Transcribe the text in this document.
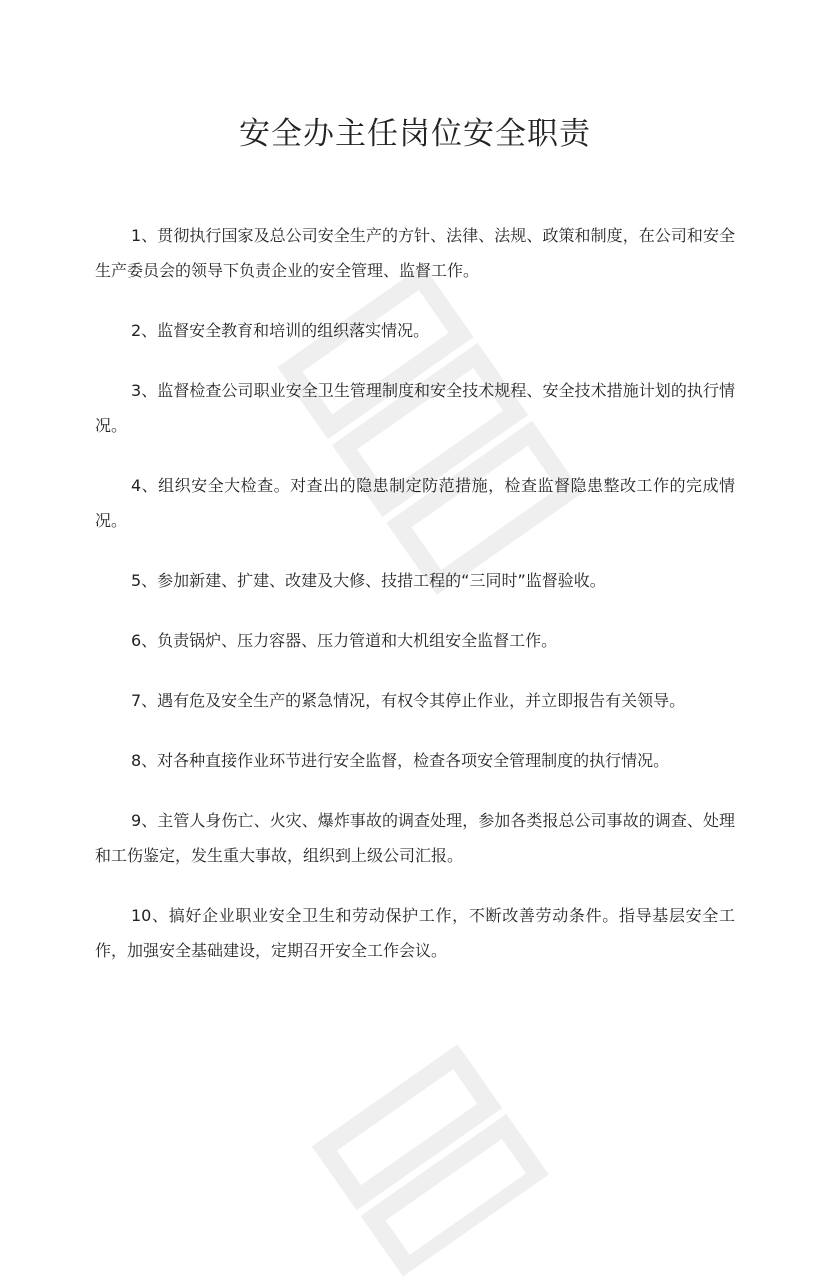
安全办主任岗位安全职责

1、贯彻执行国家及总公司安全生产的方针、法律、法规、政策和制度，在公司和安全生产委员会的领导下负责企业的安全管理、监督工作。

2、监督安全教育和培训的组织落实情况。

3、监督检查公司职业安全卫生管理制度和安全技术规程、安全技术措施计划的执行情况。

4、组织安全大检查。对查出的隐患制定防范措施，检查监督隐患整改工作的完成情况。

5、参加新建、扩建、改建及大修、技措工程的“三同时”监督验收。

6、负责锅炉、压力容器、压力管道和大机组安全监督工作。

7、遇有危及安全生产的紧急情况，有权令其停止作业，并立即报告有关领导。

8、对各种直接作业环节进行安全监督，检查各项安全管理制度的执行情况。

9、主管人身伤亡、火灾、爆炸事故的调查处理，参加各类报总公司事故的调查、处理和工伤鉴定，发生重大事故，组织到上级公司汇报。

10、搞好企业职业安全卫生和劳动保护工作，不断改善劳动条件。指导基层安全工作，加强安全基础建设，定期召开安全工作会议。
